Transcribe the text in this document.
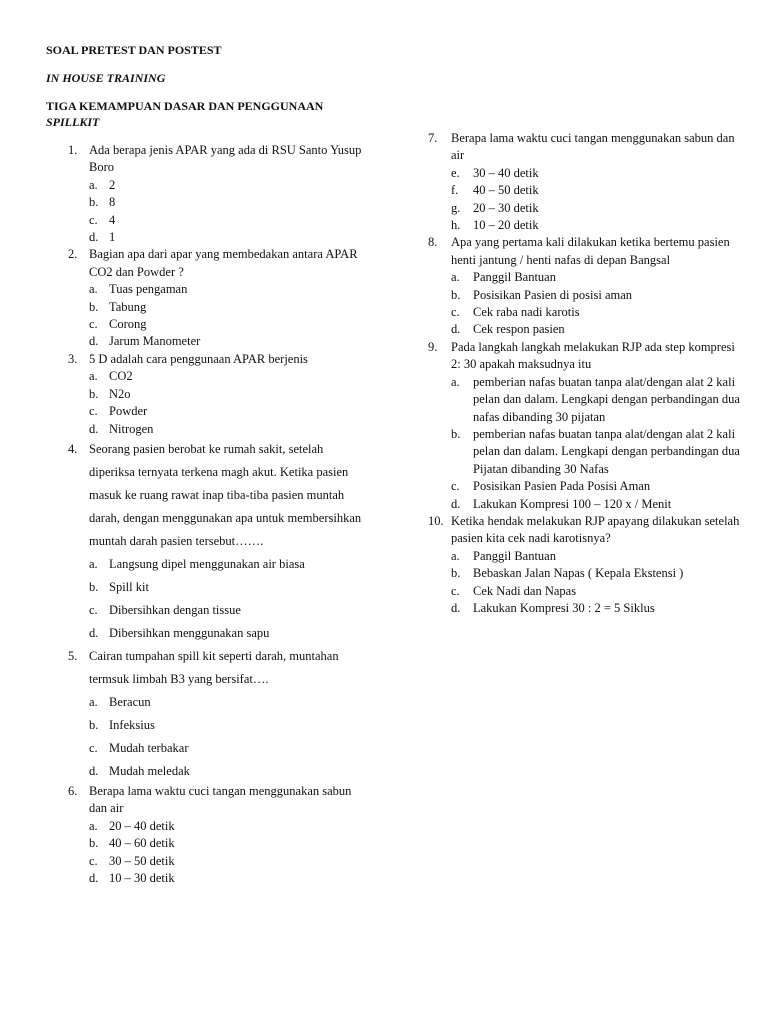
SOAL PRETEST DAN POSTEST
IN HOUSE TRAINING
TIGA KEMAMPUAN DASAR DAN PENGGUNAAN
SPILLKIT
1. Ada berapa jenis APAR yang ada di RSU Santo Yusup Boro
a. 2
b. 8
c. 4
d. 1
2. Bagian apa dari apar yang membedakan antara APAR CO2 dan Powder ?
a. Tuas pengaman
b. Tabung
c. Corong
d. Jarum Manometer
3. 5 D adalah cara penggunaan APAR berjenis
a. CO2
b. N2o
c. Powder
d. Nitrogen
4. Seorang pasien berobat ke rumah sakit, setelah diperiksa ternyata terkena magh akut. Ketika pasien masuk ke ruang rawat inap tiba-tiba pasien muntah darah, dengan menggunakan apa untuk membersihkan muntah darah pasien tersebut…….
a. Langsung dipel menggunakan air biasa
b. Spill kit
c. Dibersihkan dengan tissue
d. Dibersihkan menggunakan sapu
5. Cairan tumpahan spill kit seperti darah, muntahan termsuk limbah B3 yang bersifat….
a. Beracun
b. Infeksius
c. Mudah terbakar
d. Mudah meledak
6. Berapa lama waktu cuci tangan menggunakan sabun dan air
a. 20 – 40 detik
b. 40 – 60 detik
c. 30 – 50 detik
d. 10 – 30 detik
7. Berapa lama waktu cuci tangan menggunakan sabun dan air
e. 30 – 40 detik
f. 40 – 50 detik
g. 20 – 30 detik
h. 10 – 20 detik
8. Apa yang pertama kali dilakukan ketika bertemu pasien henti jantung / henti nafas di depan Bangsal
a. Panggil Bantuan
b. Posisikan Pasien di posisi aman
c. Cek raba nadi karotis
d. Cek respon pasien
9. Pada langkah langkah melakukan RJP ada step kompresi 2: 30 apakah maksudnya itu
a. pemberian nafas buatan tanpa alat/dengan alat 2 kali pelan dan dalam. Lengkapi dengan perbandingan dua nafas dibanding 30 pijatan
b. pemberian nafas buatan tanpa alat/dengan alat 2 kali pelan dan dalam. Lengkapi dengan perbandingan dua Pijatan dibanding 30 Nafas
c. Posisikan Pasien Pada Posisi Aman
d. Lakukan Kompresi 100 – 120 x / Menit
10. Ketika hendak melakukan RJP apayang dilakukan setelah pasien kita cek nadi karotisnya?
a. Panggil Bantuan
b. Bebaskan Jalan Napas ( Kepala Ekstensi )
c. Cek Nadi dan Napas
d. Lakukan Kompresi 30 : 2 = 5 Siklus
